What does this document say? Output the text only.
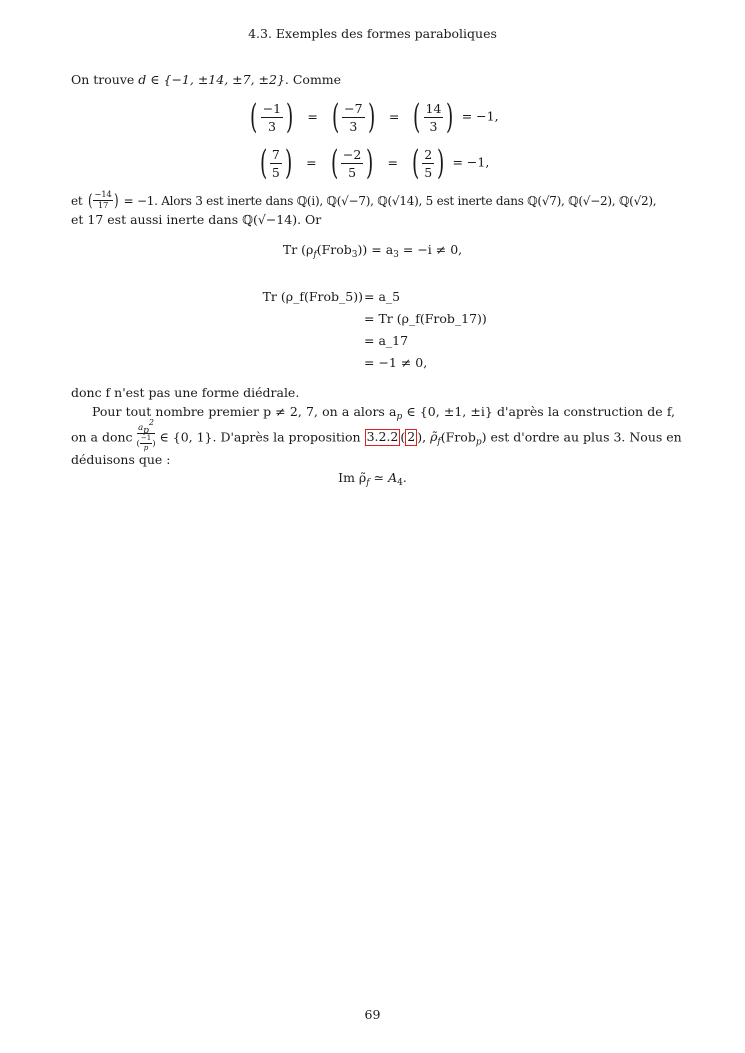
4.3. Exemples des formes paraboliques
On trouve d ∈ {−1, ±14, ±7, ±2}. Comme
( $\frac{-1}{3}$ ) = ( $\frac{-7}{3}$ ) = ( $\frac{14}{3}$ ) = −1,
( $\frac{7}{5}$ ) = ( $\frac{-2}{5}$ ) = ( $\frac{2}{5}$ ) = −1,
et ( $\frac{-14}{17}$ ) = −1. Alors 3 est inerte dans ℚ(i), ℚ(√−7), ℚ(√14), 5 est inerte dans ℚ(√7), ℚ(√−2), ℚ(√2),
et 17 est aussi inerte dans ℚ(√−14). Or
Tr $(\rho_f(Frob_3)) = a_3 = -i \ne 0$,
Tr (ρ_f(Frob_5)) = a_5
= Tr (ρ_f(Frob_17))
= a_17
= −1 ≠ 0,
donc f n'est pas une forme diédrale.
Pour tout nombre premier p ≠ 2, 7, on a alors $a_p$ ∈ {0, ±1, ±i} d'après la construction de f,
on a donc $\frac{a_p^2}{( \frac{-1}{p} )}$ ∈ {0, 1}. D'après la proposition 3.2.2 ( 2 ), $\rhõ_f(Frob_p)$ est d'ordre au plus 3. Nous en
déduisons que :
Im $\rhõ_f$ ≃ $A_4$.
69
